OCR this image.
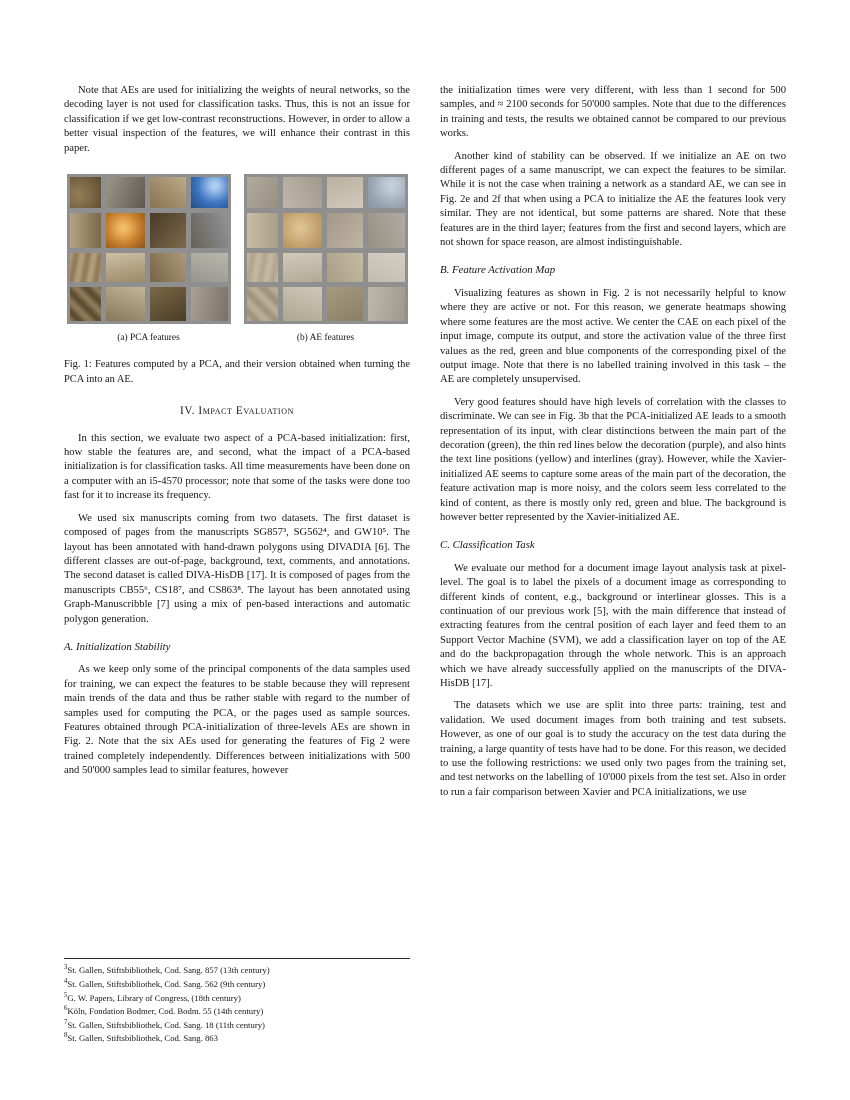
Note that AEs are used for initializing the weights of neural networks, so the decoding layer is not used for classification tasks. Thus, this is not an issue for classification if we get low-contrast reconstructions. However, in order to allow a better visual inspection of the features, we will enhance their contrast in this paper.

(a) PCA features	(b) AE features

Fig. 1: Features computed by a PCA, and their version obtained when turning the PCA into an AE.

IV. Impact Evaluation

In this section, we evaluate two aspect of a PCA-based initialization: first, how stable the features are, and second, what the impact of a PCA-based initialization is for classification tasks. All time measurements have been done on a computer with an i5-4570 processor; note that some of the tasks were done too fast for it to increase its frequency.

We used six manuscripts coming from two datasets. The first dataset is composed of pages from the manuscripts SG857³, SG562⁴, and GW10⁵. The layout has been annotated with hand-drawn polygons using DIVADIA [6]. The different classes are out-of-page, background, text, comments, and annotations. The second dataset is called DIVA-HisDB [17]. It is composed of pages from the manuscripts CB55⁶, CS18⁷, and CS863⁸. The layout has been annotated using Graph-Manuscribble [7] using a mix of pen-based interactions and automatic polygon generation.

A. Initialization Stability

As we keep only some of the principal components of the data samples used for training, we can expect the features to be stable because they will represent main trends of the data and thus be rather stable with regard to the number of samples used for computing the PCA, or the pages used as sample sources. Features obtained through PCA-initialization of three-levels AEs are shown in Fig. 2. Note that the six AEs used for generating the features of Fig 2 were trained completely independently. Differences between initializations with 500 and 50'000 samples lead to similar features, however

$^3$St. Gallen, Stiftsbibliothek, Cod. Sang. 857 (13th century)
$^4$St. Gallen, Stiftsbibliothek, Cod. Sang. 562 (9th century)
$^5$G. W. Papers, Library of Congress, (18th century)
$^6$Köln, Fondation Bodmer, Cod. Bodm. 55 (14th century)
$^7$St. Gallen, Stiftsbibliothek, Cod. Sang. 18 (11th century)
$^8$St. Gallen, Stiftsbibliothek, Cod. Sang. 863

the initialization times were very different, with less than 1 second for 500 samples, and ≈ 2100 seconds for 50'000 samples. Note that due to the differences in training and tests, the results we obtained cannot be compared to our previous works.

Another kind of stability can be observed. If we initialize an AE on two different pages of a same manuscript, we can expect the features to be similar. While it is not the case when training a network as a standard AE, we can see in Fig. 2e and 2f that when using a PCA to initialize the AE the features look very similar. They are not identical, but some patterns are shared. Note that these features are in the third layer; features from the first and second layers, which are not shown for space reason, are almost indistinguishable.

B. Feature Activation Map

Visualizing features as shown in Fig. 2 is not necessarily helpful to know where they are active or not. For this reason, we generate heatmaps showing where some features are the most active. We center the CAE on each pixel of the input image, compute its output, and store the activation value of the three first values as the red, green and blue components of the corresponding pixel of the output image. Note that there is no labelled training involved in this task – the AE are completely unsupervised.

Very good features should have high levels of correlation with the classes to discriminate. We can see in Fig. 3b that the PCA-initialized AE leads to a smooth representation of its input, with clear distinctions between the main part of the decoration (green), the thin red lines below the decoration (purple), and also hints the text line positions (yellow) and interlines (gray). However, while the Xavier-initialized AE seems to capture some areas of the main part of the decoration, the feature activation map is more noisy, and the colors seem less correlated to the kind of content, as there is mostly only red, green and blue. The background is however better represented by the Xavier-initialized AE.

C. Classification Task

We evaluate our method for a document image layout analysis task at pixel-level. The goal is to label the pixels of a document image as corresponding to different kinds of content, e.g., background or interlinear glosses. This is a continuation of our previous work [5], with the main difference that instead of extracting features from the central position of each layer and feed them to an Support Vector Machine (SVM), we add a classification layer on top of the AE and do the backpropagation through the whole network. This is an approach which we have already successfully applied on the manuscripts of the DIVA-HisDB [17].

The datasets which we use are split into three parts: training, test and validation. We used document images from both training and test subsets. However, as one of our goal is to study the accuracy on the test data during the training, a large quantity of tests have had to be done. For this reason, we decided to use the following restrictions: we used only two pages from the training set, and test networks on the labelling of 10'000 pixels from the test set. Also in order to run a fair comparison between Xavier and PCA initializations, we use
